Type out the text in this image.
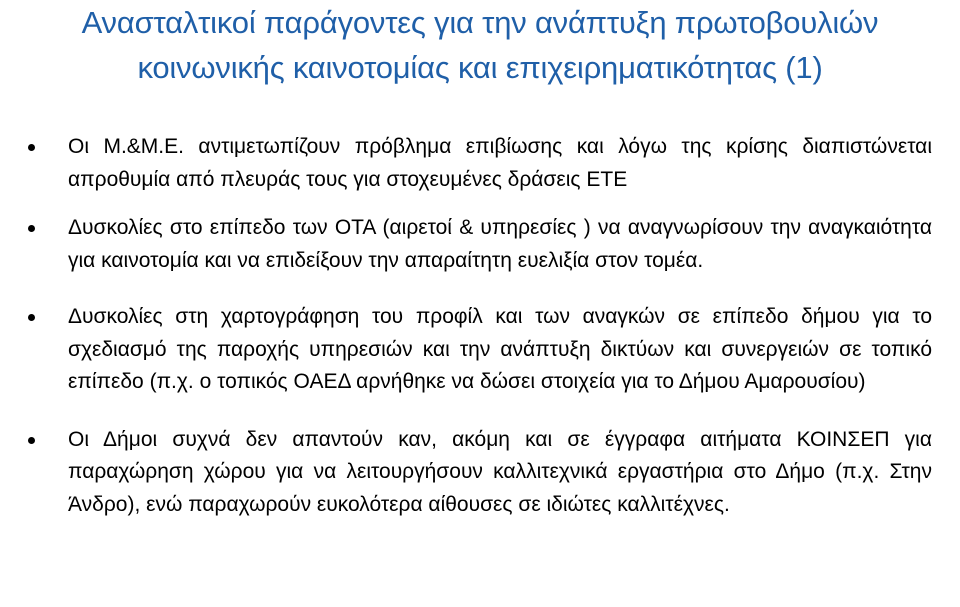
Ανασταλτικοί παράγοντες για την ανάπτυξη πρωτοβουλιών
κοινωνικής καινοτομίας και επιχειρηματικότητας (1)
Οι Μ.&Μ.Ε. αντιμετωπίζουν πρόβλημα επιβίωσης και λόγω της κρίσης διαπιστώνεται απροθυμία από πλευράς τους για στοχευμένες δράσεις ΕΤΕ
Δυσκολίες στο επίπεδο των ΟΤΑ (αιρετοί & υπηρεσίες ) να αναγνωρίσουν την αναγκαιότητα για καινοτομία και να επιδείξουν την απαραίτητη ευελιξία στον τομέα.
Δυσκολίες στη χαρτογράφηση του προφίλ και των αναγκών σε επίπεδο δήμου για το σχεδιασμό της παροχής υπηρεσιών και την ανάπτυξη δικτύων και συνεργειών σε τοπικό επίπεδο (π.χ. ο τοπικός ΟΑΕΔ αρνήθηκε να δώσει στοιχεία για το Δήμου Αμαρουσίου)
Οι Δήμοι συχνά δεν απαντούν καν, ακόμη και σε έγγραφα αιτήματα ΚΟΙΝΣΕΠ για παραχώρηση χώρου για να λειτουργήσουν καλλιτεχνικά εργαστήρια στο Δήμο (π.χ. Στην Άνδρο), ενώ παραχωρούν ευκολότερα αίθουσες σε ιδιώτες καλλιτέχνες.
